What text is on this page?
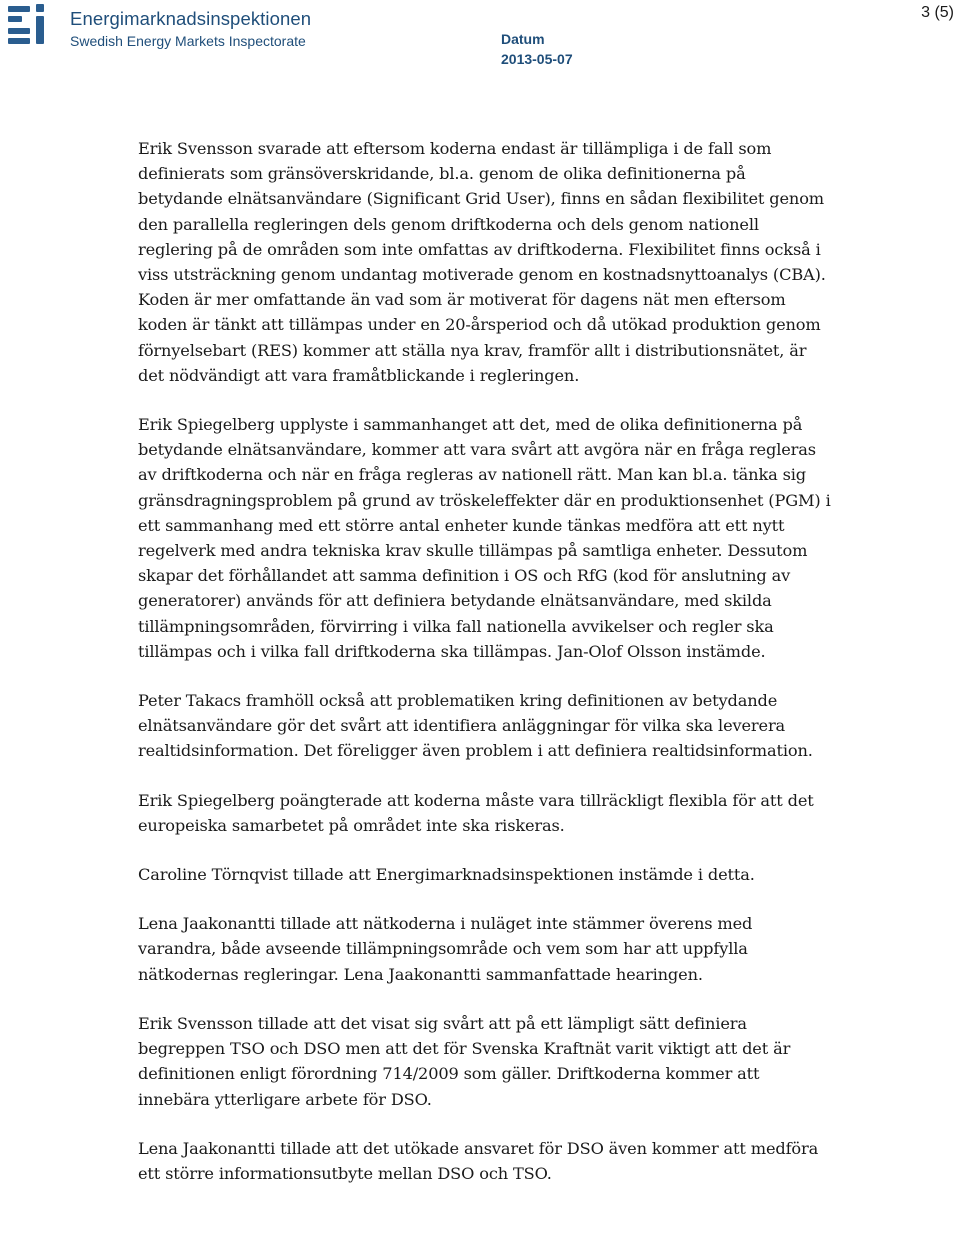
Energimarknadsinspektionen
Swedish Energy Markets Inspectorate	Datum
2013-05-07
3 (5)

Erik Svensson svarade att eftersom koderna endast är tillämpliga i de fall som definierats som gränsöverskridande, bl.a. genom de olika definitionerna på betydande elnätsanvändare (Significant Grid User), finns en sådan flexibilitet genom den parallella regleringen dels genom driftkoderna och dels genom nationell reglering på de områden som inte omfattas av driftkoderna. Flexibilitet finns också i viss utsträckning genom undantag motiverade genom en kostnadsnyttoanalys (CBA). Koden är mer omfattande än vad som är motiverat för dagens nät men eftersom koden är tänkt att tillämpas under en 20-årsperiod och då utökad produktion genom förnyelsebart (RES) kommer att ställa nya krav, framför allt i distributionsnätet, är det nödvändigt att vara framåtblickande i regleringen.

Erik Spiegelberg upplyste i sammanhanget att det, med de olika definitionerna på betydande elnätsanvändare, kommer att vara svårt att avgöra när en fråga regleras av driftkoderna och när en fråga regleras av nationell rätt. Man kan bl.a. tänka sig gränsdragningsproblem på grund av tröskeleffekter där en produktionsenhet (PGM) i ett sammanhang med ett större antal enheter kunde tänkas medföra att ett nytt regelverk med andra tekniska krav skulle tillämpas på samtliga enheter. Dessutom skapar det förhållandet att samma definition i OS och RfG (kod för anslutning av generatorer) används för att definiera betydande elnätsanvändare, med skilda tillämpningsområden, förvirring i vilka fall nationella avvikelser och regler ska tillämpas och i vilka fall driftkoderna ska tillämpas. Jan-Olof Olsson instämde.

Peter Takacs framhöll också att problematiken kring definitionen av betydande elnätsanvändare gör det svårt att identifiera anläggningar för vilka ska leverera realtidsinformation. Det föreligger även problem i att definiera realtidsinformation.

Erik Spiegelberg poängterade att koderna måste vara tillräckligt flexibla för att det europeiska samarbetet på området inte ska riskeras.

Caroline Törnqvist tillade att Energimarknadsinspektionen instämde i detta.

Lena Jaakonantti tillade att nätkoderna i nuläget inte stämmer överens med varandra, både avseende tillämpningsområde och vem som har att uppfylla nätkodernas regleringar. Lena Jaakonantti sammanfattade hearingen.

Erik Svensson tillade att det visat sig svårt att på ett lämpligt sätt definiera begreppen TSO och DSO men att det för Svenska Kraftnät varit viktigt att det är definitionen enligt förordning 714/2009 som gäller. Driftkoderna kommer att innebära ytterligare arbete för DSO.

Lena Jaakonantti tillade att det utökade ansvaret för DSO även kommer att medföra ett större informationsutbyte mellan DSO och TSO.
